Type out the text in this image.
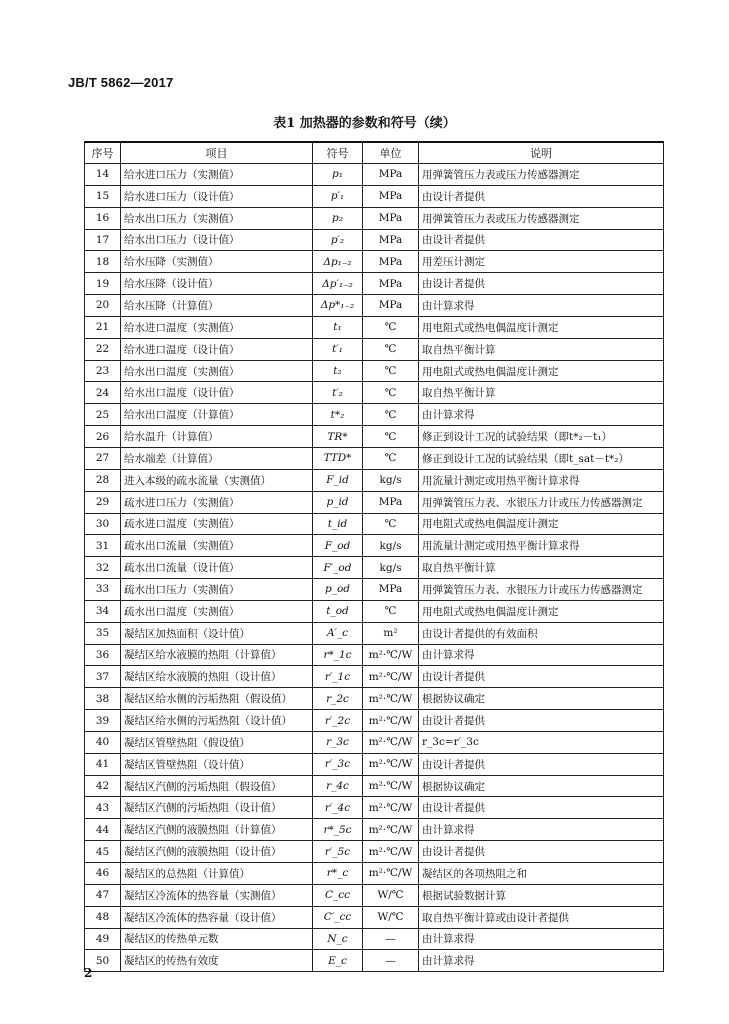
JB/T 5862—2017
表1 加热器的参数和符号（续）
序号	项目	符号	单位	说明
14	给水进口压力（实测值）	p₁	MPa	用弹簧管压力表或压力传感器测定
15	给水进口压力（设计值）	p′₁	MPa	由设计者提供
16	给水出口压力（实测值）	p₂	MPa	用弹簧管压力表或压力传感器测定
17	给水出口压力（设计值）	p′₂	MPa	由设计者提供
18	给水压降（实测值）	Δp₁₋₂	MPa	用差压计测定
19	给水压降（设计值）	Δp′₁₋₂	MPa	由设计者提供
20	给水压降（计算值）	Δp*₁₋₂	MPa	由计算求得
21	给水进口温度（实测值）	t₁	℃	用电阻式或热电偶温度计测定
22	给水进口温度（设计值）	t′₁	℃	取自热平衡计算
23	给水出口温度（实测值）	t₂	℃	用电阻式或热电偶温度计测定
24	给水出口温度（设计值）	t′₂	℃	取自热平衡计算
25	给水出口温度（计算值）	t*₂	℃	由计算求得
26	给水温升（计算值）	TR*	℃	修正到设计工况的试验结果（即t*₂－t₁）
27	给水端差（计算值）	TTD*	℃	修正到设计工况的试验结果（即t_sat－t*₂）
28	进入本级的疏水流量（实测值）	F_id	kg/s	用流量计测定或用热平衡计算求得
29	疏水进口压力（实测值）	p_id	MPa	用弹簧管压力表、水银压力计或压力传感器测定
30	疏水进口温度（实测值）	t_id	℃	用电阻式或热电偶温度计测定
31	疏水出口流量（实测值）	F_od	kg/s	用流量计测定或用热平衡计算求得
32	疏水出口流量（设计值）	F′_od	kg/s	取自热平衡计算
33	疏水出口压力（实测值）	p_od	MPa	用弹簧管压力表、水银压力计或压力传感器测定
34	疏水出口温度（实测值）	t_od	℃	用电阻式或热电偶温度计测定
35	凝结区加热面积（设计值）	A′_c	m²	由设计者提供的有效面积
36	凝结区给水液膜的热阻（计算值）	r*_1c	m²·℃/W	由计算求得
37	凝结区给水液膜的热阻（设计值）	r′_1c	m²·℃/W	由设计者提供
38	凝结区给水侧的污垢热阻（假设值）	r_2c	m²·℃/W	根据协议确定
39	凝结区给水侧的污垢热阻（设计值）	r′_2c	m²·℃/W	由设计者提供
40	凝结区管壁热阻（假设值）	r_3c	m²·℃/W	r_3c=r′_3c
41	凝结区管壁热阻（设计值）	r′_3c	m²·℃/W	由设计者提供
42	凝结区汽侧的污垢热阻（假设值）	r_4c	m²·℃/W	根据协议确定
43	凝结区汽侧的污垢热阻（设计值）	r′_4c	m²·℃/W	由设计者提供
44	凝结区汽侧的液膜热阻（计算值）	r*_5c	m²·℃/W	由计算求得
45	凝结区汽侧的液膜热阻（设计值）	r′_5c	m²·℃/W	由设计者提供
46	凝结区的总热阻（计算值）	r*_c	m²·℃/W	凝结区的各项热阻之和
47	凝结区冷流体的热容量（实测值）	C_cc	W/℃	根据试验数据计算
48	凝结区冷流体的热容量（设计值）	C′_cc	W/℃	取自热平衡计算或由设计者提供
49	凝结区的传热单元数	N_c	—	由计算求得
50	凝结区的传热有效度	E_c	—	由计算求得
2
